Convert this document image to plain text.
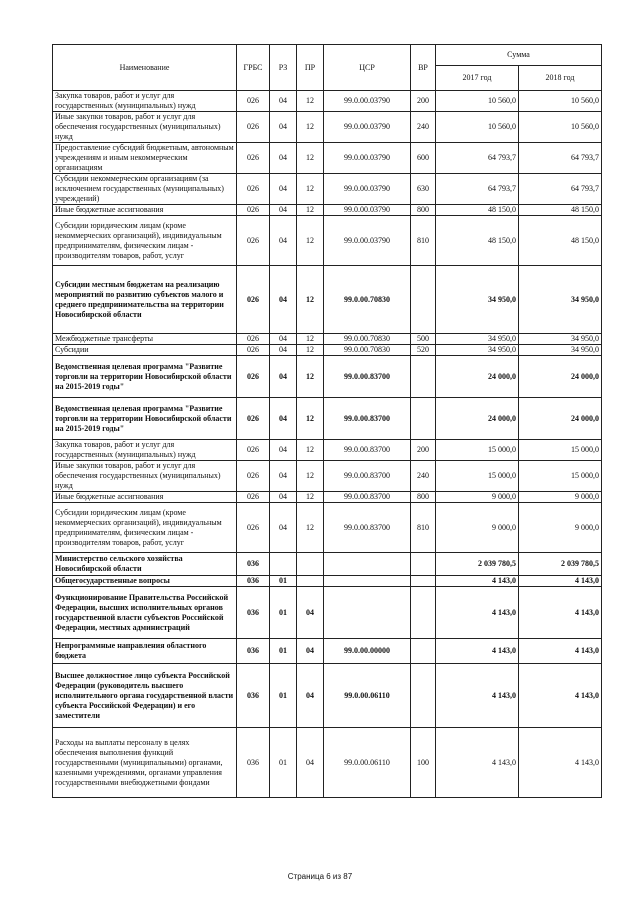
Наименование	ГРБС	РЗ	ПР	ЦСР	ВР	Сумма	
						2017 год	2018 год
Закупка товаров, работ и услуг для государственных (муниципальных) нужд	026	04	12	99.0.00.03790	200	10 560,0	10 560,0
Иные закупки товаров, работ и услуг для обеспечения государственных (муниципальных) нужд	026	04	12	99.0.00.03790	240	10 560,0	10 560,0
Предоставление субсидий бюджетным, автономным учреждениям и иным некоммерческим организациям	026	04	12	99.0.00.03790	600	64 793,7	64 793,7
Субсидии некоммерческим организациям (за исключением государственных (муниципальных) учреждений)	026	04	12	99.0.00.03790	630	64 793,7	64 793,7
Иные бюджетные ассигнования	026	04	12	99.0.00.03790	800	48 150,0	48 150,0
Субсидии юридическим лицам (кроме некоммерческих организаций), индивидуальным предпринимателям, физическим лицам - производителям товаров, работ, услуг	026	04	12	99.0.00.03790	810	48 150,0	48 150,0
Субсидии местным бюджетам на реализацию мероприятий по развитию субъектов малого и среднего предпринимательства на территории Новосибирской области	026	04	12	99.0.00.70830		34 950,0	34 950,0
Межбюджетные трансферты	026	04	12	99.0.00.70830	500	34 950,0	34 950,0
Субсидии	026	04	12	99.0.00.70830	520	34 950,0	34 950,0
Ведомственная целевая программа "Развитие торговли на территории Новосибирской области на 2015-2019 годы"	026	04	12	99.0.00.83700		24 000,0	24 000,0
Ведомственная целевая программа "Развитие торговли на территории Новосибирской области на 2015-2019 годы"	026	04	12	99.0.00.83700		24 000,0	24 000,0
Закупка товаров, работ и услуг для государственных (муниципальных) нужд	026	04	12	99.0.00.83700	200	15 000,0	15 000,0
Иные закупки товаров, работ и услуг для обеспечения государственных (муниципальных) нужд	026	04	12	99.0.00.83700	240	15 000,0	15 000,0
Иные бюджетные ассигнования	026	04	12	99.0.00.83700	800	9 000,0	9 000,0
Субсидии юридическим лицам (кроме некоммерческих организаций), индивидуальным предпринимателям, физическим лицам - производителям товаров, работ, услуг	026	04	12	99.0.00.83700	810	9 000,0	9 000,0
Министерство сельского хозяйства Новосибирской области	036					2 039 780,5	2 039 780,5
Общегосударственные вопросы	036	01				4 143,0	4 143,0
Функционирование Правительства Российской Федерации, высших исполнительных органов государственной власти субъектов Российской Федерации, местных администраций	036	01	04			4 143,0	4 143,0
Непрограммные направления областного бюджета	036	01	04	99.0.00.00000		4 143,0	4 143,0
Высшее должностное лицо субъекта Российской Федерации (руководитель высшего исполнительного органа государственной власти субъекта Российской Федерации) и его заместители	036	01	04	99.0.00.06110		4 143,0	4 143,0
Расходы на выплаты персоналу в целях обеспечения выполнения функций государственными (муниципальными) органами, казенными учреждениями, органами управления государственными внебюджетными фондами	036	01	04	99.0.00.06110	100	4 143,0	4 143,0
Страница 6 из 87
